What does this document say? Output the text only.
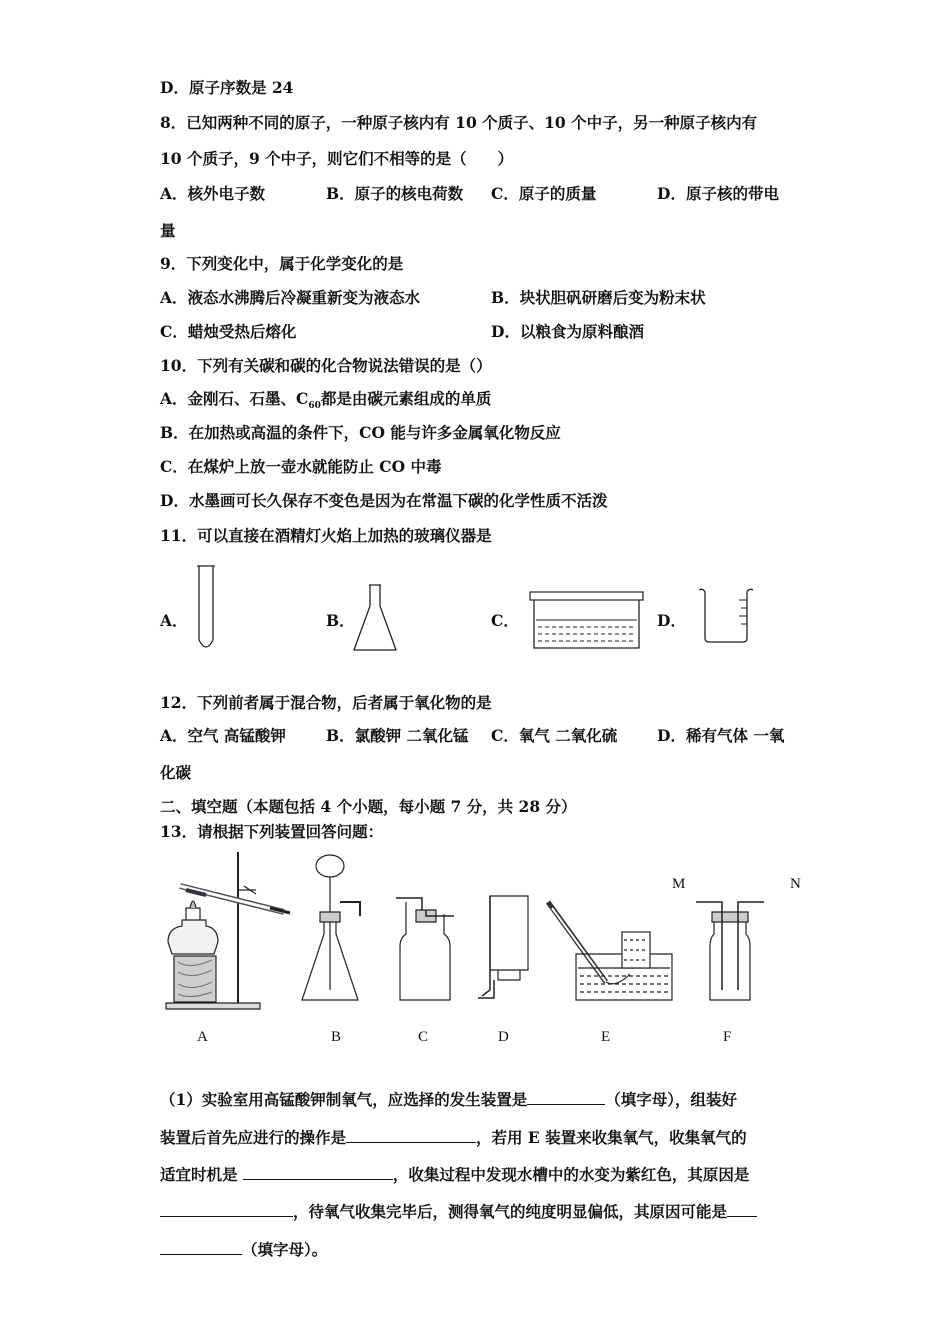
D．原子序数是 24
8．已知两种不同的原子，一种原子核内有 10 个质子、10 个中子，另一种原子核内有
10 个质子，9 个中子，则它们不相等的是（　　）
A．核外电子数	B．原子的核电荷数 C．原子的质量	D．原子核的带电
量
9．下列变化中，属于化学变化的是
A．液态水沸腾后冷凝重新变为液态水	B．块状胆矾研磨后变为粉末状
C．蜡烛受热后熔化	D．以粮食为原料酿酒
10．下列有关碳和碳的化合物说法错误的是（）
A．金刚石、石墨、$C_{60}$都是由碳元素组成的单质
B．在加热或高温的条件下，CO 能与许多金属氧化物反应
C．在煤炉上放一壶水就能防止 CO 中毒
D．水墨画可长久保存不变色是因为在常温下碳的化学性质不活泼
11．可以直接在酒精灯火焰上加热的玻璃仪器是
A．	B．	C．	D．
12．下列前者属于混合物，后者属于氧化物的是
A．空气 高锰酸钾	B．氯酸钾 二氧化锰 C．氧气 二氧化硫	D．稀有气体 一氧
化碳
二、填空题（本题包括 4 个小题，每小题 7 分，共 28 分）
13．请根据下列装置回答问题：
A	B	C	D	E	F
M	N
（1）实验室用高锰酸钾制氧气，应选择的发生装置是	（填字母），组装好
装置后首先应进行的操作是	，若用 E 装置来收集氧气，收集氧气的
适宜时机是	，收集过程中发现水槽中的水变为紫红色，其原因是
，待氧气收集完毕后，测得氧气的纯度明显偏低，其原因可能是
（填字母）。
